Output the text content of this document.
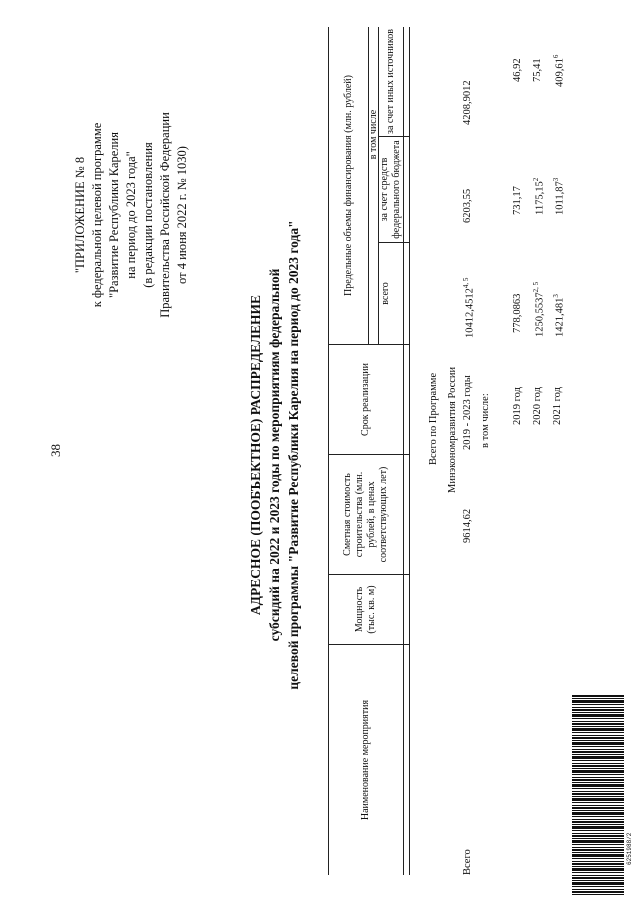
38
"ПРИЛОЖЕНИЕ № 8 к федеральной целевой программе "Развитие Республики Карелия на период до 2023 года" (в редакции постановления Правительства Российской Федерации от 4 июня 2022 г. № 1030)
АДРЕСНОЕ (ПООБЪЕКТНОЕ) РАСПРЕДЕЛЕНИЕ субсидий на 2022 и 2023 годы по мероприятиям федеральной целевой программы "Развитие Республики Карелия на период до 2023 года"
Наименование мероприятия
Мощность (тыс. кв. м)
Сметная стоимость строительства (млн. рублей, в ценах соответствующих лет)
Срок реализации
Предельные объемы финансирования (млн. рублей)	всего
в том числе
за счет средств федерального бюджета
за счет иных источников
Всего по Программе Минэкономразвития России
Всего
9614,62
2019 - 2023 годы
10412,4512$^{4, 5}$
6203,55
4208,9012
в том числе: 2019 год
778,0863
731,17
46,92
2020 год
1250,5537$^{2, 5}$
1175,15$^2$
75,41
2021 год
1421,481$^3$
1011,87$^3$
409,61$^6$
6251988/2
